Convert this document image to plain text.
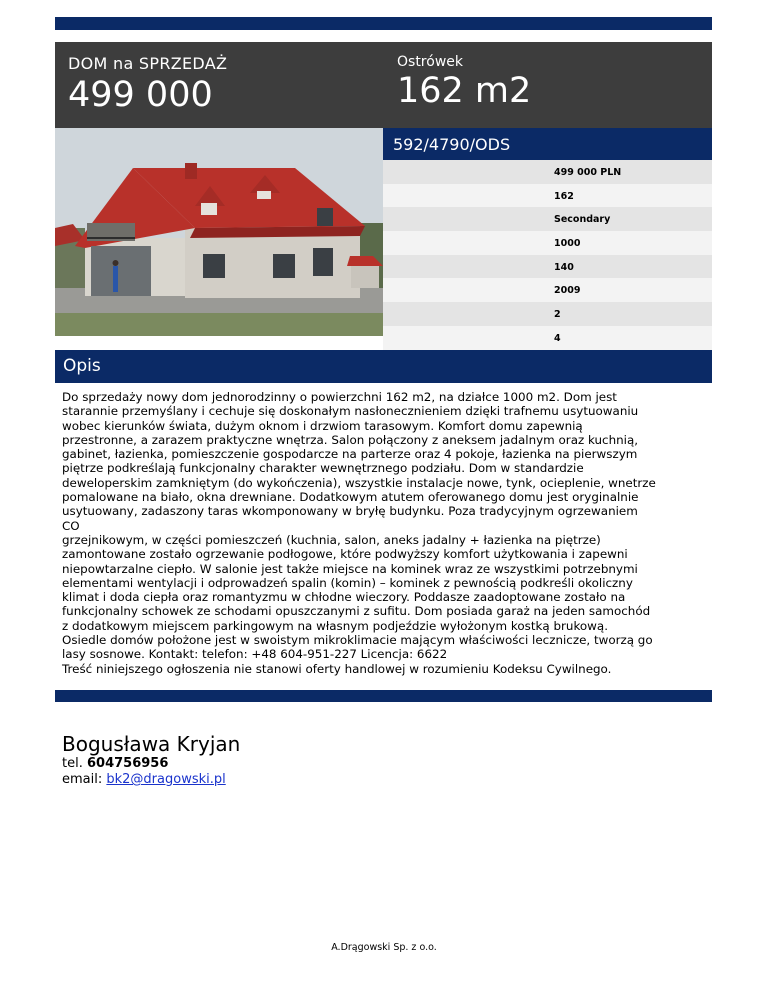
DOM na SPRZEDAŻ
499 000
Ostrówek
162 m2
592/4790/ODS
499 000 PLN
162
Secondary
1000
140
2009
2
4
Opis
Do sprzedaży nowy dom jednorodzinny o powierzchni 162 m2, na działce 1000 m2. Dom jest
starannie przemyślany i cechuje się doskonałym nasłonecznieniem dzięki trafnemu usytuowaniu
wobec kierunków świata, dużym oknom i drzwiom tarasowym. Komfort domu zapewnią
przestronne, a zarazem praktyczne wnętrza. Salon połączony z aneksem jadalnym oraz kuchnią,
gabinet, łazienka, pomieszczenie gospodarcze na parterze oraz 4 pokoje, łazienka na pierwszym
piętrze podkreślają funkcjonalny charakter wewnętrznego podziału. Dom w standardzie
deweloperskim zamkniętym (do wykończenia), wszystkie instalacje nowe, tynk, ocieplenie, wnetrze
pomalowane na biało, okna drewniane. Dodatkowym atutem oferowanego domu jest oryginalnie
usytuowany, zadaszony taras wkomponowany w bryłę budynku. Poza tradycyjnym ogrzewaniem
CO
grzejnikowym, w części pomieszczeń (kuchnia, salon, aneks jadalny + łazienka na piętrze)
zamontowane zostało ogrzewanie podłogowe, które podwyższy komfort użytkowania i zapewni
niepowtarzalne ciepło. W salonie jest także miejsce na kominek wraz ze wszystkimi potrzebnymi
elementami wentylacji i odprowadzeń spalin (komin) – kominek z pewnością podkreśli okoliczny
klimat i doda ciepła oraz romantyzmu w chłodne wieczory. Poddasze zaadoptowane zostało na
funkcjonalny schowek ze schodami opuszczanymi z sufitu. Dom posiada garaż na jeden samochód
z dodatkowym miejscem parkingowym na własnym podjeździe wyłożonym kostką brukową.
Osiedle domów położone jest w swoistym mikroklimacie mającym właściwości lecznicze, tworzą go
lasy sosnowe. Kontakt: telefon: +48 604-951-227 Licencja: 6622
Treść niniejszego ogłoszenia nie stanowi oferty handlowej w rozumieniu Kodeksu Cywilnego.
Bogusława Kryjan
tel. 604756956
email: bk2@dragowski.pl
A.Drągowski Sp. z o.o.
